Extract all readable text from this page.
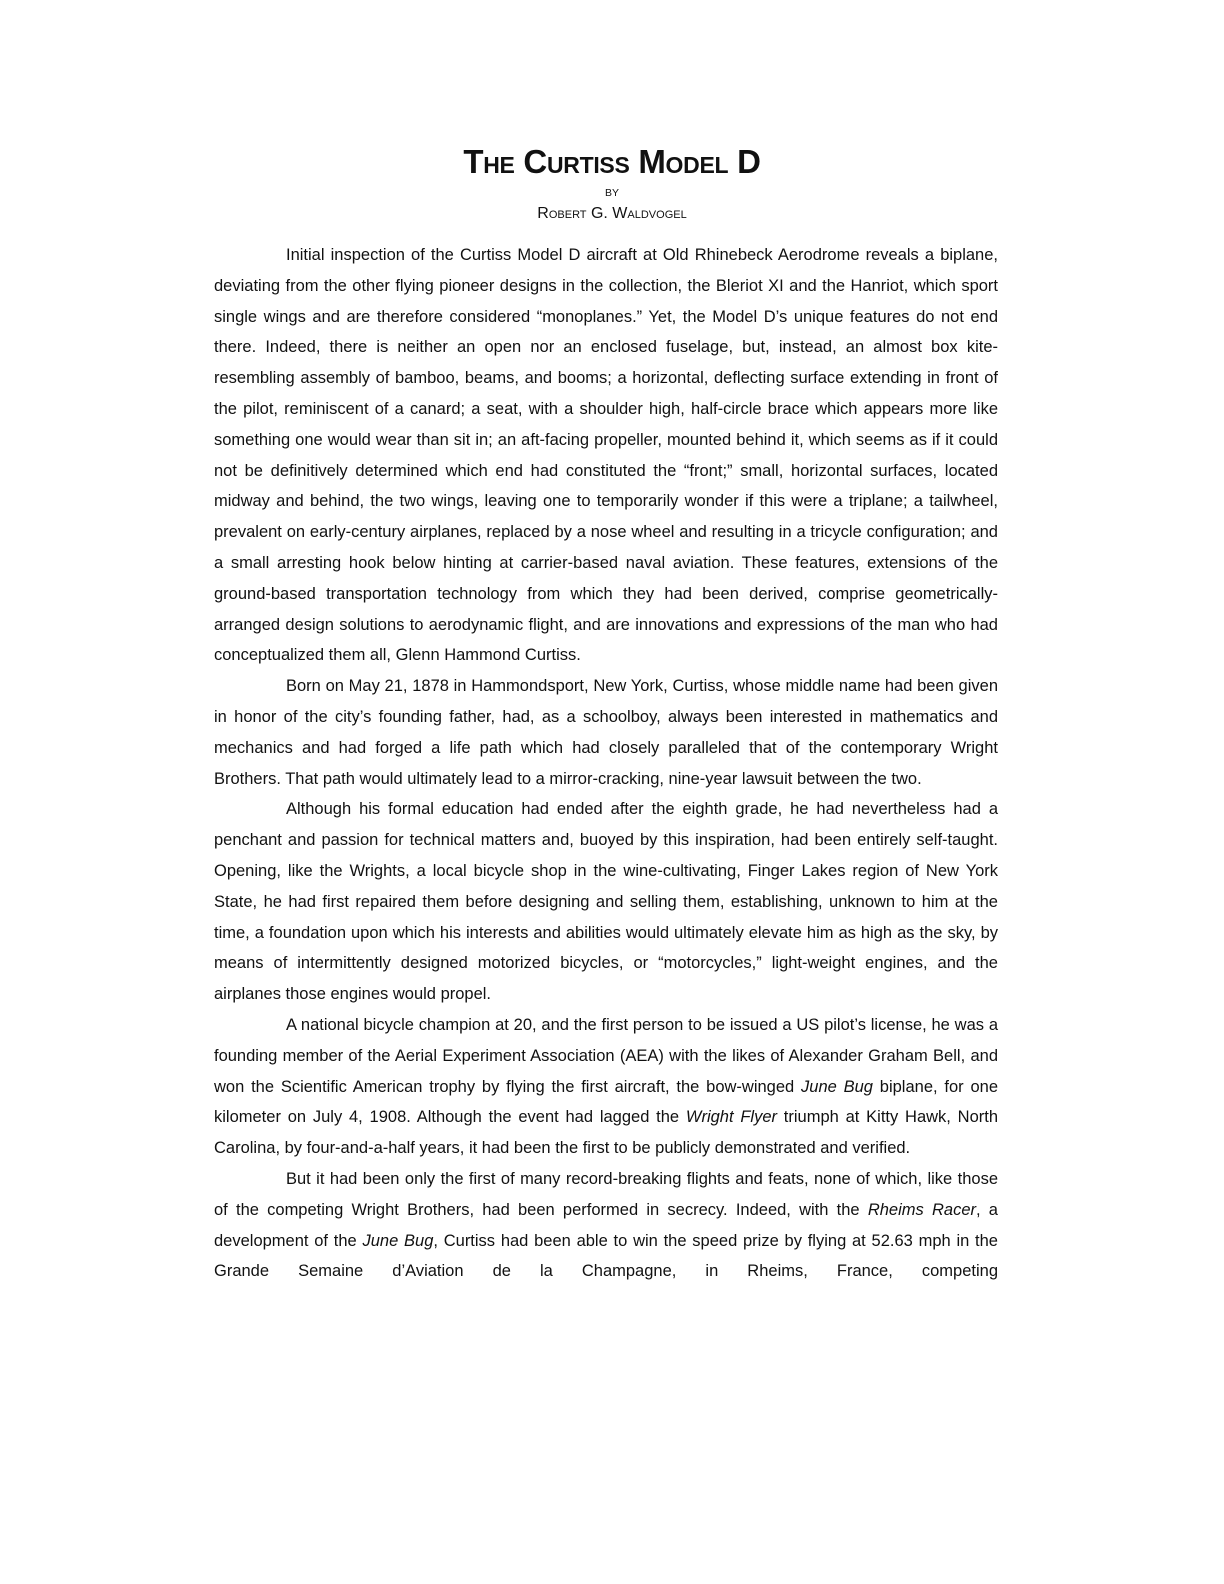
The Curtiss Model D
BY
Robert G. Waldvogel

Initial inspection of the Curtiss Model D aircraft at Old Rhinebeck Aerodrome reveals a biplane, deviating from the other flying pioneer designs in the collection, the Bleriot XI and the Hanriot, which sport single wings and are therefore considered “monoplanes.” Yet, the Model D’s unique features do not end there. Indeed, there is neither an open nor an enclosed fuselage, but, instead, an almost box kite-resembling assembly of bamboo, beams, and booms; a horizontal, deflecting surface extending in front of the pilot, reminiscent of a canard; a seat, with a shoulder high, half-circle brace which appears more like something one would wear than sit in; an aft-facing propeller, mounted behind it, which seems as if it could not be definitively determined which end had constituted the “front;” small, horizontal surfaces, located midway and behind, the two wings, leaving one to temporarily wonder if this were a triplane; a tailwheel, prevalent on early-century airplanes, replaced by a nose wheel and resulting in a tricycle configuration; and a small arresting hook below hinting at carrier-based naval aviation. These features, extensions of the ground-based transportation technology from which they had been derived, comprise geometrically-arranged design solutions to aerodynamic flight, and are innovations and expressions of the man who had conceptualized them all, Glenn Hammond Curtiss.

Born on May 21, 1878 in Hammondsport, New York, Curtiss, whose middle name had been given in honor of the city’s founding father, had, as a schoolboy, always been interested in mathematics and mechanics and had forged a life path which had closely paralleled that of the contemporary Wright Brothers. That path would ultimately lead to a mirror-cracking, nine-year lawsuit between the two.

Although his formal education had ended after the eighth grade, he had nevertheless had a penchant and passion for technical matters and, buoyed by this inspiration, had been entirely self-taught. Opening, like the Wrights, a local bicycle shop in the wine-cultivating, Finger Lakes region of New York State, he had first repaired them before designing and selling them, establishing, unknown to him at the time, a foundation upon which his interests and abilities would ultimately elevate him as high as the sky, by means of intermittently designed motorized bicycles, or “motorcycles,” light-weight engines, and the airplanes those engines would propel.

A national bicycle champion at 20, and the first person to be issued a US pilot’s license, he was a founding member of the Aerial Experiment Association (AEA) with the likes of Alexander Graham Bell, and won the Scientific American trophy by flying the first aircraft, the bow-winged June Bug biplane, for one kilometer on July 4, 1908. Although the event had lagged the Wright Flyer triumph at Kitty Hawk, North Carolina, by four-and-a-half years, it had been the first to be publicly demonstrated and verified.

But it had been only the first of many record-breaking flights and feats, none of which, like those of the competing Wright Brothers, had been performed in secrecy. Indeed, with the Rheims Racer, a development of the June Bug, Curtiss had been able to win the speed prize by flying at 52.63 mph in the Grande Semaine d’Aviation de la Champagne, in Rheims, France, competing
